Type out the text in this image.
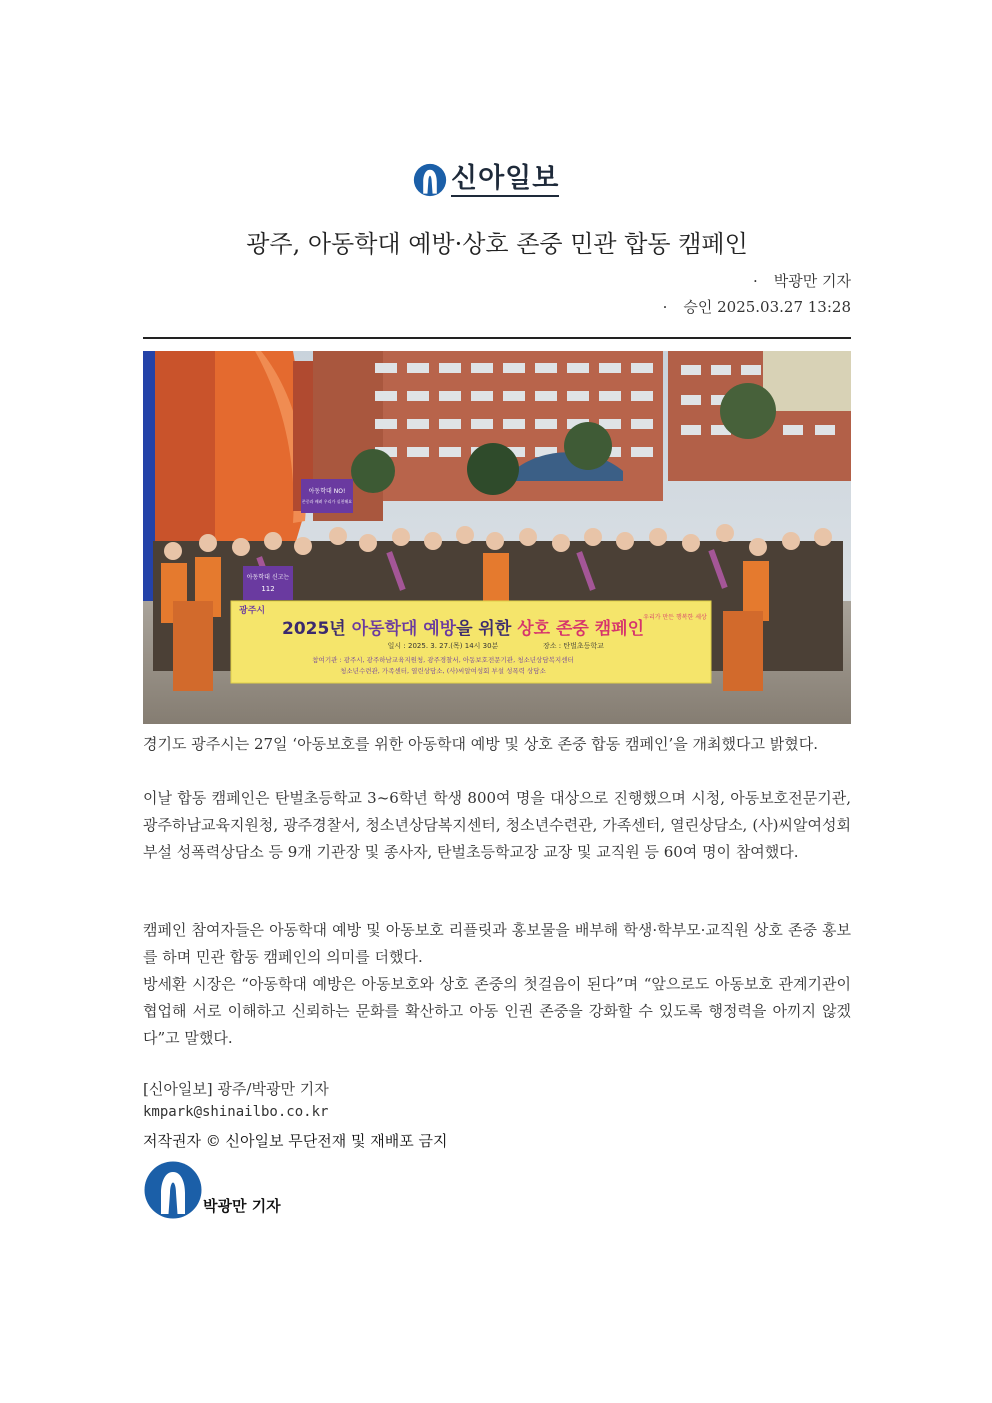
신아일보
광주, 아동학대 예방·상호 존중 민관 합동 캠페인
· 박광만 기자
· 승인 2025.03.27 13:28
아동학대 NO!
존중과 배려 우리가 실천해요
아동학대 신고는
112
광주시
2025년 아동학대 예방을 위한 상호 존중 캠페인
일시 : 2025. 3. 27.(목) 14시 30분	장소 : 탄벌초등학교
참여기관 : 광주시, 광주하남교육지원청, 광주경찰서, 아동보호전문기관, 청소년상담복지센터
청소년수련관, 가족센터, 열린상담소, (사)씨알여성회 부설 성폭력 상담소
우리가 만든 행복한 세상
경기도 광주시는 27일 ‘아동보호를 위한 아동학대 예방 및 상호 존중 합동 캠페인’을 개최했다고 밝혔다.
이날 합동 캠페인은 탄벌초등학교 3~6학년 학생 800여 명을 대상으로 진행했으며 시청, 아동보호전문기관, 광주하남교육지원청, 광주경찰서, 청소년상담복지센터, 청소년수련관, 가족센터, 열린상담소, (사)씨알여성회 부설 성폭력상담소 등 9개 기관장 및 종사자, 탄벌초등학교장 교장 및 교직원 등 60여 명이 참여했다.
캠페인 참여자들은 아동학대 예방 및 아동보호 리플릿과 홍보물을 배부해 학생·학부모·교직원 상호 존중 홍보를 하며 민관 합동 캠페인의 의미를 더했다.
방세환 시장은 “아동학대 예방은 아동보호와 상호 존중의 첫걸음이 된다”며 “앞으로도 아동보호 관계기관이 협업해 서로 이해하고 신뢰하는 문화를 확산하고 아동 인권 존중을 강화할 수 있도록 행정력을 아끼지 않겠다”고 말했다.
[신아일보] 광주/박광만 기자
kmpark@shinailbo.co.kr
저작권자 © 신아일보 무단전재 및 재배포 금지
박광만 기자
